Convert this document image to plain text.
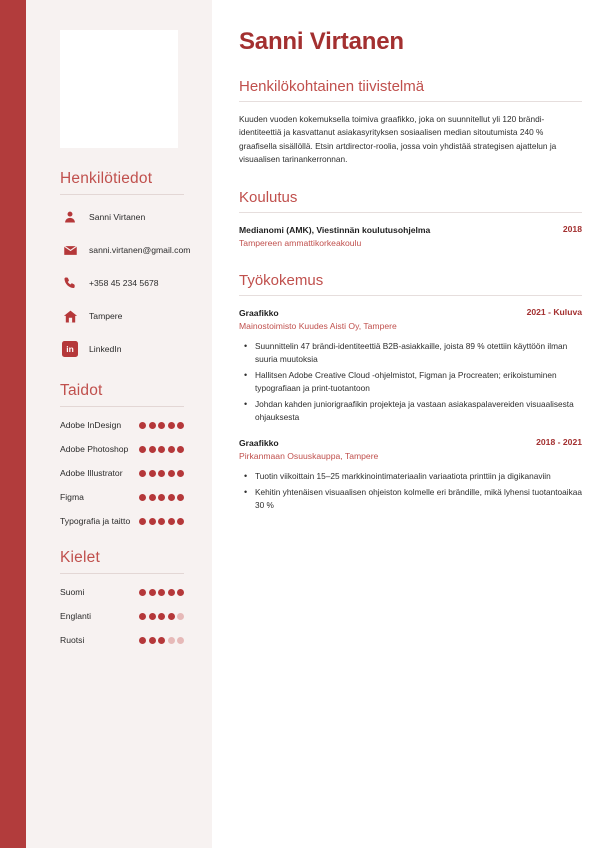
Henkilötiedot
Sanni Virtanen
sanni.virtanen@gmail.com
+358 45 234 5678
Tampere
in	LinkedIn
Taidot
Adobe InDesign
Adobe Photoshop
Adobe Illustrator
Figma
Typografia ja taitto
Kielet
Suomi
Englanti
Ruotsi
Sanni Virtanen
Henkilökohtainen tiivistelmä

Kuuden vuoden kokemuksella toimiva graafikko, joka on suunnitellut yli 120 brändi-identiteettiä ja kasvattanut asiakasyrityksen sosiaalisen median sitoutumista 240 % graafisella sisällöllä. Etsin artdirector-roolia, jossa voin yhdistää strategisen ajattelun ja visuaalisen tarinankerronnan.

Koulutus
Medianomi (AMK), Viestinnän koulutusohjelma	2018
Tampereen ammattikorkeakoulu
Työkokemus
Graafikko	2021 - Kuluva
Mainostoimisto Kuudes Aisti Oy, Tampere
• Suunnittelin 47 brändi-identiteettiä B2B-asiakkaille, joista 89 % otettiin käyttöön ilman suuria muutoksia
• Hallitsen Adobe Creative Cloud -ohjelmistot, Figman ja Procreaten; erikoistuminen typografiaan ja print-tuotantoon
• Johdan kahden juniorigraafikin projekteja ja vastaan asiakaspalavereiden visuaalisesta ohjauksesta
Graafikko	2018 - 2021
Pirkanmaan Osuuskauppa, Tampere
• Tuotin viikoittain 15–25 markkinointimateriaalin variaatiota printtiin ja digikanaviin
• Kehitin yhtenäisen visuaalisen ohjeiston kolmelle eri brändille, mikä lyhensi tuotantoaikaa 30 %
